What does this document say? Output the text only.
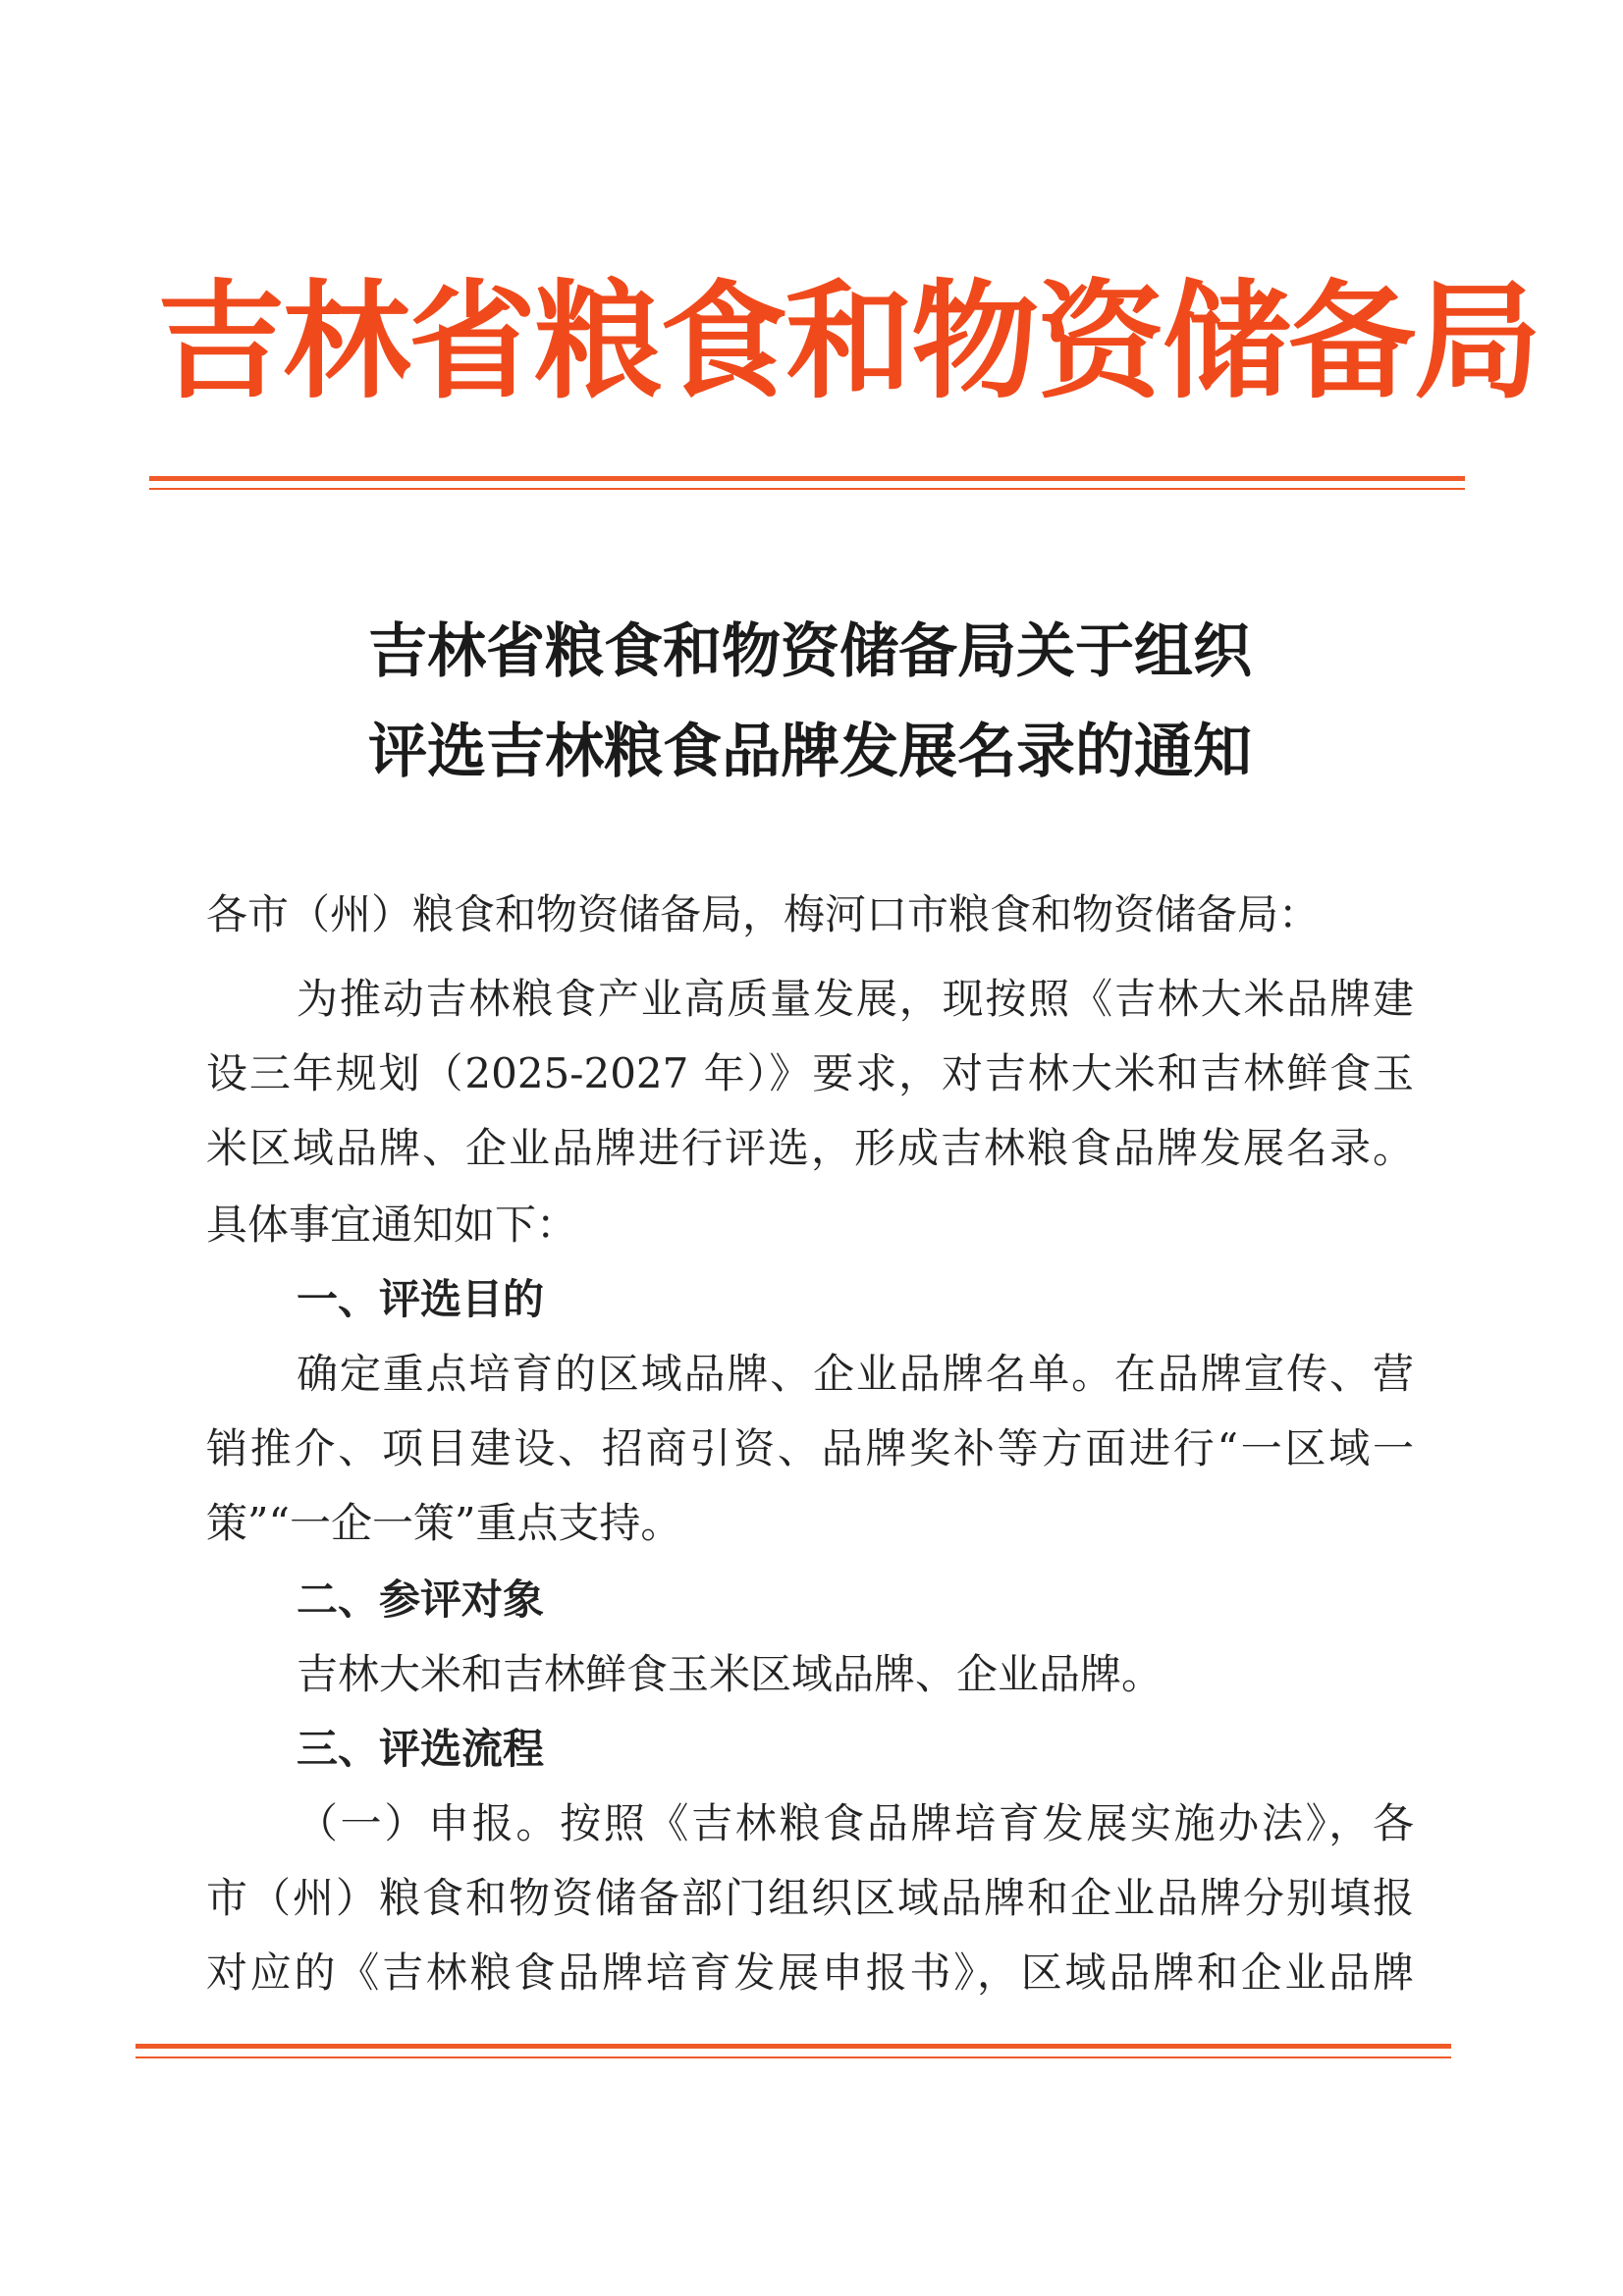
吉林省粮食和物资储备局
吉林省粮食和物资储备局关于组织
评选吉林粮食品牌发展名录的通知
各市（州）粮食和物资储备局，梅河口市粮食和物资储备局：
为推动吉林粮食产业高质量发展，现按照《吉林大米品牌建
设三年规划（2025-2027 年）》要求，对吉林大米和吉林鲜食玉
米区域品牌、企业品牌进行评选，形成吉林粮食品牌发展名录。
具体事宜通知如下：
一、评选目的
确定重点培育的区域品牌、企业品牌名单。在品牌宣传、营
销推介、项目建设、招商引资、品牌奖补等方面进行“一区域一
策”“一企一策”重点支持。
二、参评对象
吉林大米和吉林鲜食玉米区域品牌、企业品牌。
三、评选流程
（一）申报。按照《吉林粮食品牌培育发展实施办法》，各
市（州）粮食和物资储备部门组织区域品牌和企业品牌分别填报
对应的《吉林粮食品牌培育发展申报书》，区域品牌和企业品牌
